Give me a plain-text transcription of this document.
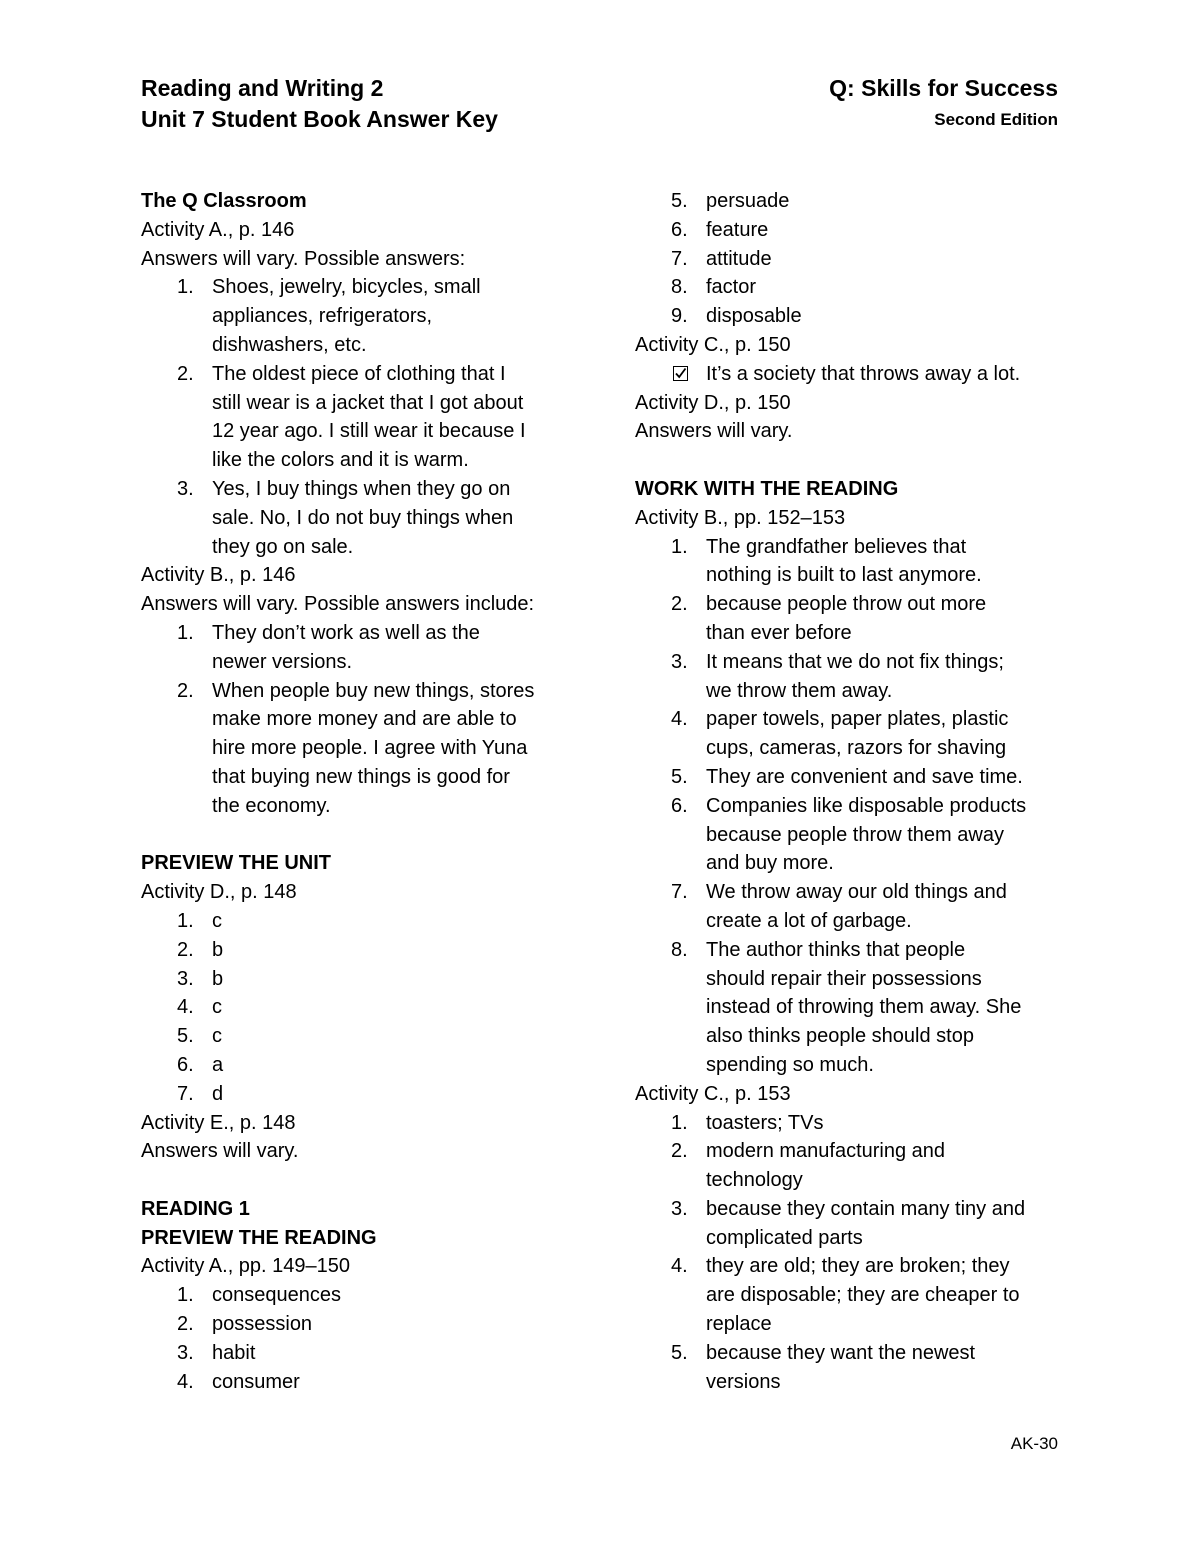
Reading and Writing 2
Unit 7 Student Book Answer Key
Q: Skills for Success
Second Edition
The Q Classroom
Activity A., p. 146
Answers will vary. Possible answers:
1. Shoes, jewelry, bicycles, small
appliances, refrigerators,
dishwashers, etc.
2. The oldest piece of clothing that I
still wear is a jacket that I got about
12 year ago. I still wear it because I
like the colors and it is warm.
3. Yes, I buy things when they go on
sale. No, I do not buy things when
they go on sale.
Activity B., p. 146
Answers will vary. Possible answers include:
1. They don’t work as well as the
newer versions.
2. When people buy new things, stores
make more money and are able to
hire more people. I agree with Yuna
that buying new things is good for
the economy.
PREVIEW THE UNIT
Activity D., p. 148
1. c
2. b
3. b
4. c
5. c
6. a
7. d
Activity E., p. 148
Answers will vary.
READING 1
PREVIEW THE READING
Activity A., pp. 149–150
1. consequences
2. possession
3. habit
4. consumer
5. persuade
6. feature
7. attitude
8. factor
9. disposable
Activity C., p. 150
It’s a society that throws away a lot.
Activity D., p. 150
Answers will vary.
WORK WITH THE READING
Activity B., pp. 152–153
1. The grandfather believes that
nothing is built to last anymore.
2. because people throw out more
than ever before
3. It means that we do not fix things;
we throw them away.
4. paper towels, paper plates, plastic
cups, cameras, razors for shaving
5. They are convenient and save time.
6. Companies like disposable products
because people throw them away
and buy more.
7. We throw away our old things and
create a lot of garbage.
8. The author thinks that people
should repair their possessions
instead of throwing them away. She
also thinks people should stop
spending so much.
Activity C., p. 153
1. toasters; TVs
2. modern manufacturing and
technology
3. because they contain many tiny and
complicated parts
4. they are old; they are broken; they
are disposable; they are cheaper to
replace
5. because they want the newest
versions
AK-30
